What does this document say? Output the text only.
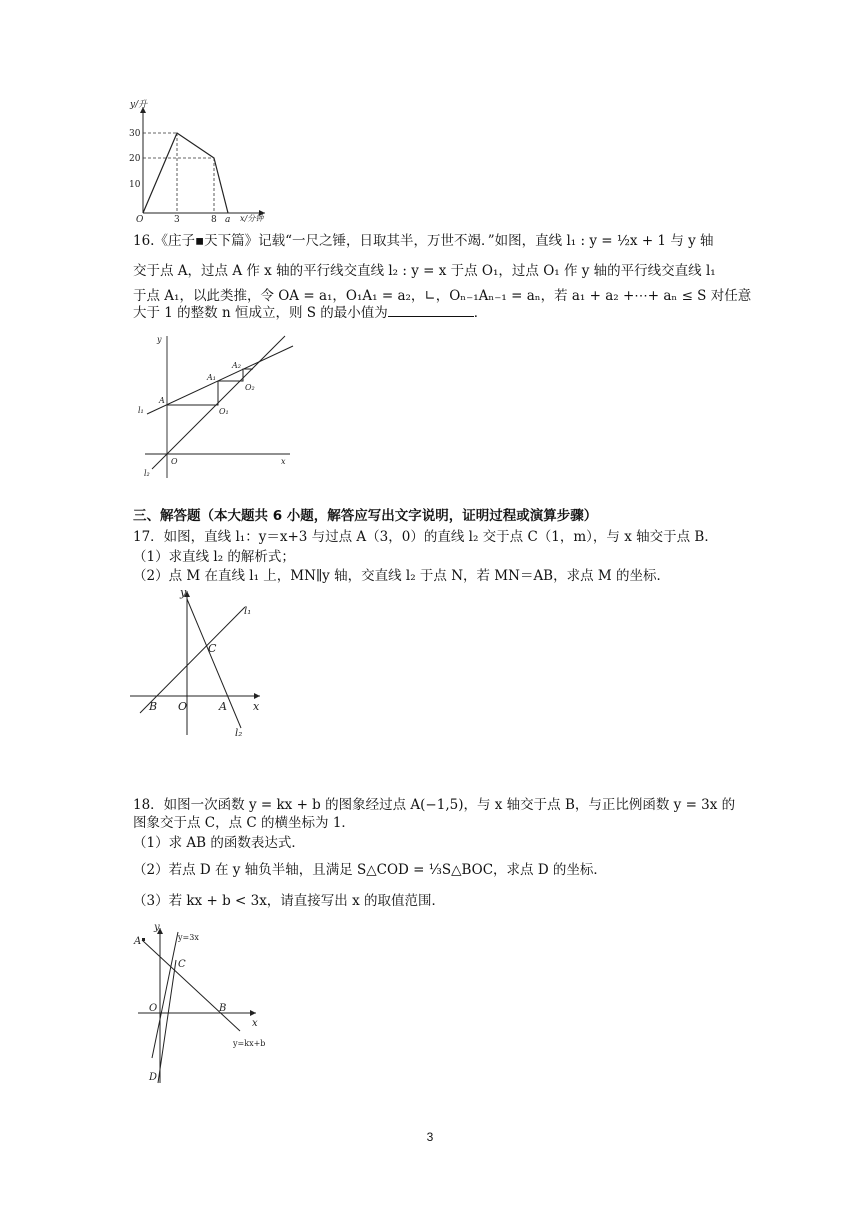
y/升
x/分钟
O
30
20
10
3	8 a
16.《庄子▪天下篇》记载“一尺之锤，日取其半，万世不竭．”如图，直线 l₁ : y = ½x + 1 与 y 轴
交于点 A，过点 A 作 x 轴的平行线交直线 l₂ : y = x 于点 O₁，过点 O₁ 作 y 轴的平行线交直线 l₁
于点 A₁，以此类推，令 OA = a₁，O₁A₁ = a₂，∟，Oₙ₋₁Aₙ₋₁ = aₙ，若 a₁ + a₂ +⋯+ aₙ ≤ S 对任意
大于 1 的整数 n 恒成立，则 S 的最小值为	．
y
x
O
A
A₁
A₂
O₁
O₂
l₁
l₂
三、解答题（本大题共 6 小题，解答应写出文字说明，证明过程或演算步骤）
17．如图，直线 l₁：y＝x+3 与过点 A（3，0）的直线 l₂ 交于点 C（1，m），与 x 轴交于点 B．
（1）求直线 l₂ 的解析式；
（2）点 M 在直线 l₁ 上，MN∥y 轴，交直线 l₂ 于点 N，若 MN＝AB，求点 M 的坐标．
y
x
O	A
B
C
l₁
l₂
18．如图一次函数 y = kx + b 的图象经过点 A(−1,5)，与 x 轴交于点 B，与正比例函数 y = 3x 的
图象交于点 C，点 C 的横坐标为 1．
（1）求 AB 的函数表达式．
（2）若点 D 在 y 轴负半轴，且满足 S△COD = ⅓S△BOC，求点 D 的坐标．
（3）若 kx + b < 3x，请直接写出 x 的取值范围．
y
x
O
A
B
C
D
y=3x
y=kx+b
3
